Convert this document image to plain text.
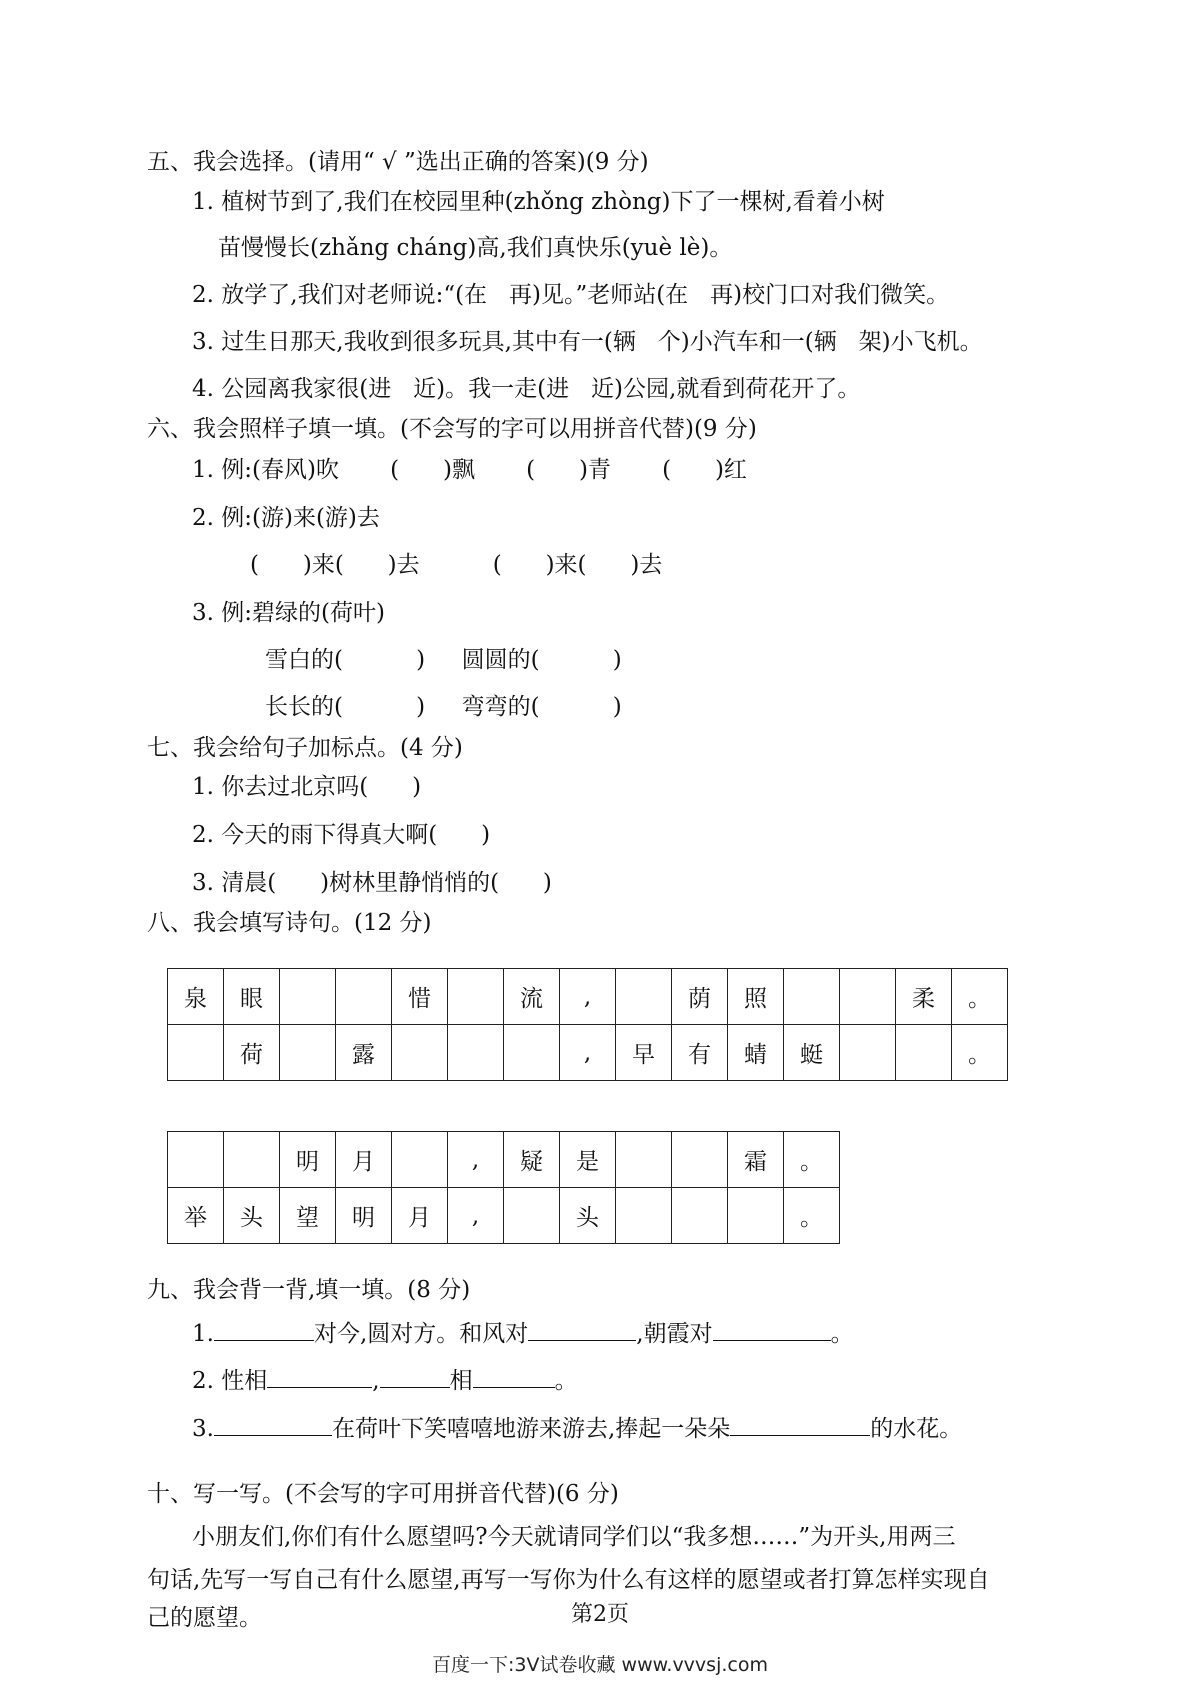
五、我会选择。(请用“ √ ”选出正确的答案)(9 分)
1. 植树节到了,我们在校园里种(zhǒng zhòng)下了一棵树,看着小树
苗慢慢长(zhǎng cháng)高,我们真快乐(yuè lè)。
2. 放学了,我们对老师说:“(在   再)见。”老师站(在   再)校门口对我们微笑。
3. 过生日那天,我收到很多玩具,其中有一(辆   个)小汽车和一(辆   架)小飞机。
4. 公园离我家很(进   近)。我一走(进   近)公园,就看到荷花开了。
六、我会照样子填一填。(不会写的字可以用拼音代替)(9 分)
1. 例:(春风)吹       (      )飘       (      )青       (      )红
2. 例:(游)来(游)去
(      )来(      )去          (      )来(      )去
3. 例:碧绿的(荷叶)
雪白的(          )     圆圆的(          )
长长的(          )     弯弯的(          )
七、我会给句子加标点。(4 分)
1. 你去过北京吗(      )
2. 今天的雨下得真大啊(      )
3. 清晨(      )树林里静悄悄的(      )
八、我会填写诗句。(12 分)
泉	眼			惜		流	,		荫	照			柔	。
	荷		露				,	早	有	蜻	蜓			。
		明	月		,	疑	是			霜	。
举	头	望	明	月	,		头				。
九、我会背一背,填一填。(8 分)
1.	对今,圆对方。和风对	,朝霞对	。
2. 性相	,	相	。
3.	在荷叶下笑嘻嘻地游来游去,捧起一朵朵	的水花。
十、写一写。(不会写的字可用拼音代替)(6 分)
小朋友们,你们有什么愿望吗?今天就请同学们以“我多想……”为开头,用两三
句话,先写一写自己有什么愿望,再写一写你为什么有这样的愿望或者打算怎样实现自
己的愿望。	第2页
百度一下:3V试卷收藏 www.vvvsj.com
